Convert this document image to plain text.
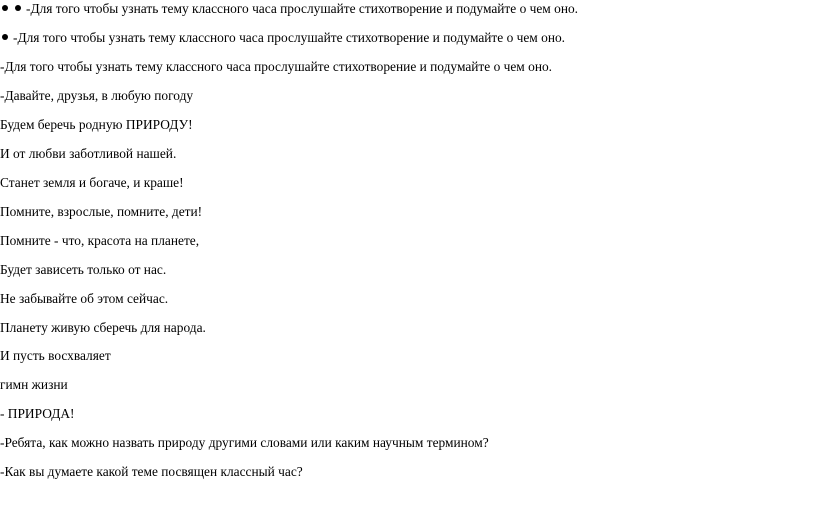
-Для того чтобы узнать тему классного часа прослушайте стихотворение и подумайте о чем оно.
-Для того чтобы узнать тему классного часа прослушайте стихотворение и подумайте о чем оно.
-Для того чтобы узнать тему классного часа прослушайте стихотворение и подумайте о чем оно.
-Давайте, друзья, в любую погоду
Будем беречь родную ПРИРОДУ!
И от любви заботливой нашей.
Станет земля и богаче, и краше!
Помните, взрослые, помните, дети!
Помните - что, красота на планете,
Будет зависеть только от нас.
Не забывайте об этом сейчас.
Планету живую сберечь для народа.
И пусть восхваляет
гимн жизни
- ПРИРОДА!
-Ребята, как можно назвать природу другими словами или каким научным термином?
-Как вы думаете какой теме посвящен классный час?
